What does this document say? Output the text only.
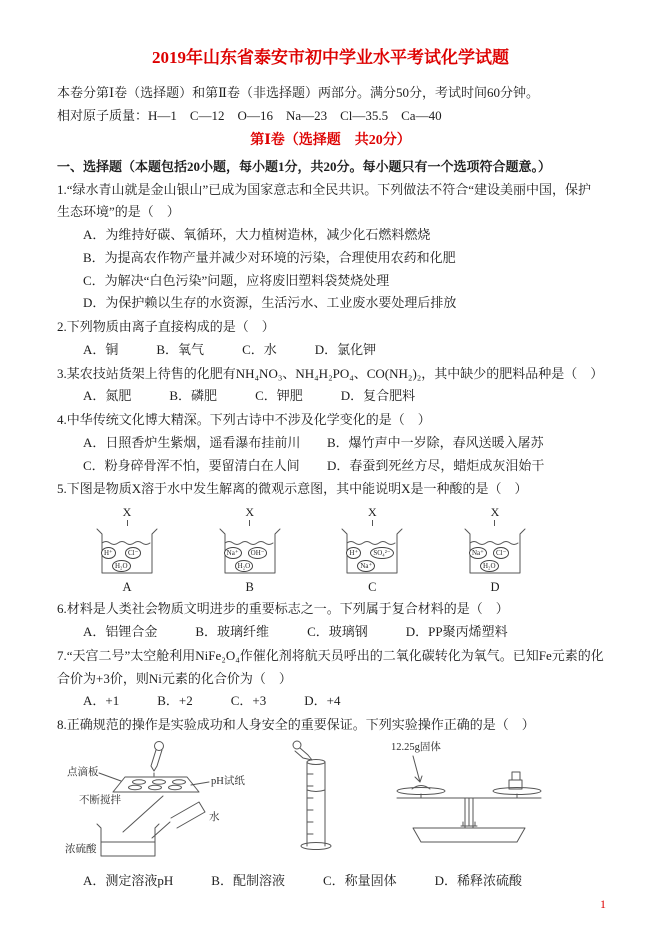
2019年山东省泰安市初中学业水平考试化学试题
本卷分第Ⅰ卷（选择题）和第Ⅱ卷（非选择题）两部分。满分50分，考试时间60分钟。
相对原子质量：H—1　C—12　O—16　Na—23　Cl—35.5　Ca—40
第Ⅰ卷（选择题　共20分）
一、选择题（本题包括20小题，每小题1分，共20分。每小题只有一个选项符合题意。）
1.“绿水青山就是金山银山”已成为国家意志和全民共识。下列做法不符合“建设美丽中国，保护生态环境”的是（　）
A．为维持好碳、氧循环，大力植树造林，减少化石燃料燃烧
B．为提高农作物产量并减少对环境的污染，合理使用农药和化肥
C．为解决“白色污染”问题，应将废旧塑料袋焚烧处理
D．为保护赖以生存的水资源，生活污水、工业废水要处理后排放
2.下列物质由离子直接构成的是（　）
A．铜	B．氧气	C．水	D．氯化钾
3.某农技站货架上待售的化肥有NH₄NO₃、NH₄H₂PO₄、CO(NH₂)₂，其中缺少的肥料品种是（　）
A．氮肥	B．磷肥	C．钾肥	D．复合肥料
4.中华传统文化博大精深。下列古诗中不涉及化学变化的是（　）
A．日照香炉生紫烟，遥看瀑布挂前川	B．爆竹声中一岁除，春风送暖入屠苏
C．粉身碎骨浑不怕，要留清白在人间	D．春蚕到死丝方尽，蜡炬成灰泪始干
5.下图是物质X溶于水中发生解离的微观示意图，其中能说明X是一种酸的是（　）
X
H⁺	Cl⁻
H₂O
A
X
Na⁺	OH⁻
H₂O
B
X
H⁺	SO₄²⁻
Na⁺
C
X
Na⁺	Cl⁻
H₂O
D
6.材料是人类社会物质文明进步的重要标志之一。下列属于复合材料的是（　）
A．铝锂合金	B．玻璃纤维	C．玻璃钢	D．PP聚丙烯塑料
7.“天宫二号”太空舱利用NiFe₂O₄作催化剂将航天员呼出的二氧化碳转化为氧气。已知Fe元素的化合价为+3价，则Ni元素的化合价为（　）
A．+1	B．+2	C．+3	D．+4
8.正确规范的操作是实验成功和人身安全的重要保证。下列实验操作正确的是（　）
点滴板
pH试纸
不断搅拌
水
浓硫酸
12.25g固体
A．测定溶液pH	B．配制溶液	C．称量固体	D．稀释浓硫酸
1
